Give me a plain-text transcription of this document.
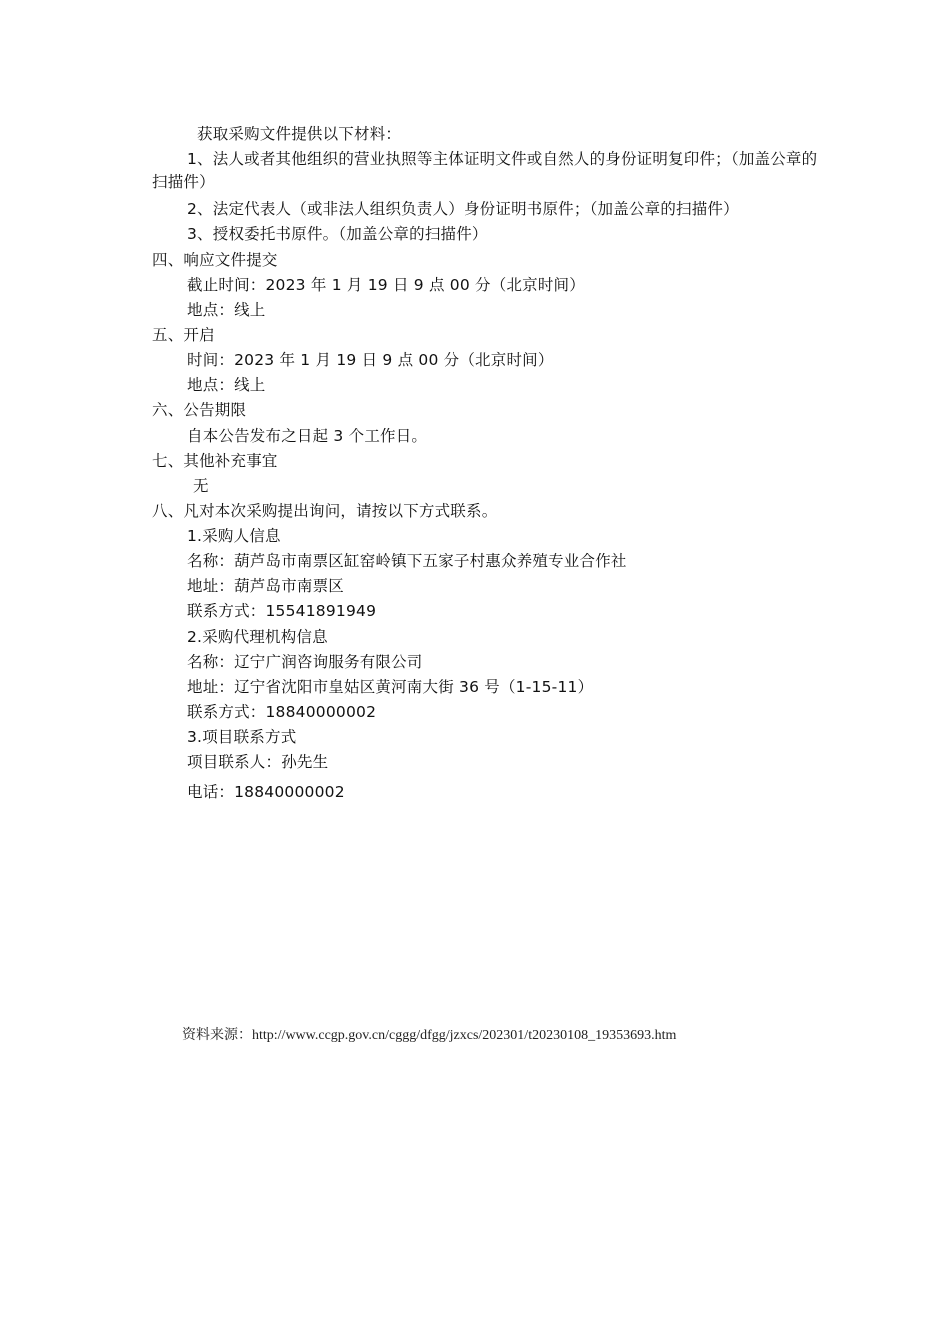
获取采购文件提供以下材料：
1、法人或者其他组织的营业执照等主体证明文件或自然人的身份证明复印件；（加盖公章的扫描件）
2、法定代表人（或非法人组织负责人）身份证明书原件；（加盖公章的扫描件）
3、授权委托书原件。（加盖公章的扫描件）
四、响应文件提交
截止时间：2023 年 1 月 19 日 9 点 00 分（北京时间）
地点：线上
五、开启
时间：2023 年 1 月 19 日 9 点 00 分（北京时间）
地点：线上
六、公告期限
自本公告发布之日起 3 个工作日。
七、其他补充事宜
无
八、凡对本次采购提出询问，请按以下方式联系。
1.采购人信息
名称：葫芦岛市南票区缸窑岭镇下五家子村惠众养殖专业合作社
地址：葫芦岛市南票区
联系方式：15541891949
2.采购代理机构信息
名称：辽宁广润咨询服务有限公司
地址：辽宁省沈阳市皇姑区黄河南大街 36 号（1-15-11）
联系方式：18840000002
3.项目联系方式
项目联系人：孙先生
电话：18840000002
资料来源：http://www.ccgp.gov.cn/cggg/dfgg/jzxcs/202301/t20230108_19353693.htm
